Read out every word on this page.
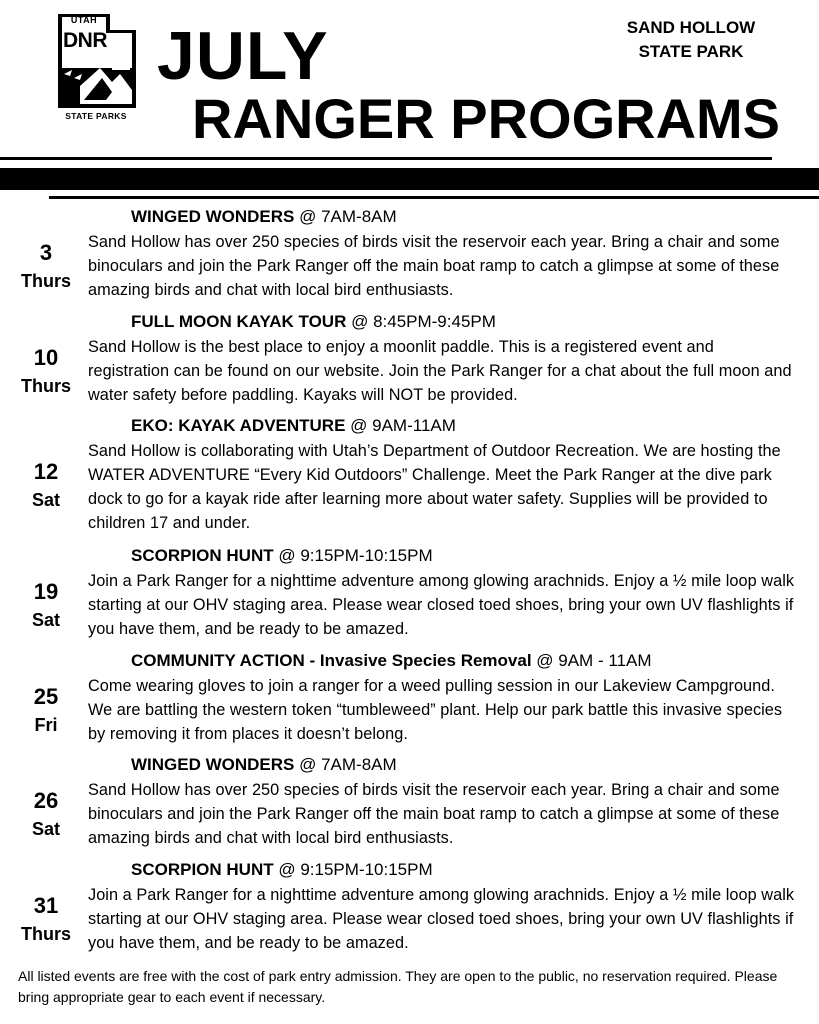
UTAH
DNR
STATE PARKS
JULY
RANGER PROGRAMS
SAND HOLLOW
STATE PARK
WINGED WONDERS @ 7AM-8AM
3
Thurs

Sand Hollow has over 250 species of birds visit the reservoir each year. Bring a chair and some binoculars and join the Park Ranger off the main boat ramp to catch a glimpse at some of these amazing birds and chat with local bird enthusiasts.

FULL MOON KAYAK TOUR @ 8:45PM-9:45PM
10
Thurs

Sand Hollow is the best place to enjoy a moonlit paddle. This is a registered event and registration can be found on our website. Join the Park Ranger for a chat about the full moon and water safety before paddling. Kayaks will NOT be provided.

EKO: KAYAK ADVENTURE @ 9AM-11AM
12
Sat

Sand Hollow is collaborating with Utah’s Department of Outdoor Recreation. We are hosting the WATER ADVENTURE “Every Kid Outdoors” Challenge. Meet the Park Ranger at the dive park dock to go for a kayak ride after learning more about water safety. Supplies will be provided to children 17 and under.

SCORPION HUNT @ 9:15PM-10:15PM
19
Sat

Join a Park Ranger for a nighttime adventure among glowing arachnids. Enjoy a ½ mile loop walk starting at our OHV staging area. Please wear closed toed shoes, bring your own UV flashlights if you have them, and be ready to be amazed.

COMMUNITY ACTION - Invasive Species Removal @ 9AM - 11AM
25
Fri

Come wearing gloves to join a ranger for a weed pulling session in our Lakeview Campground. We are battling the western token “tumbleweed” plant. Help our park battle this invasive species by removing it from places it doesn’t belong.

WINGED WONDERS @ 7AM-8AM
26
Sat

Sand Hollow has over 250 species of birds visit the reservoir each year. Bring a chair and some binoculars and join the Park Ranger off the main boat ramp to catch a glimpse at some of these amazing birds and chat with local bird enthusiasts.

SCORPION HUNT @ 9:15PM-10:15PM
31
Thurs

Join a Park Ranger for a nighttime adventure among glowing arachnids. Enjoy a ½ mile loop walk starting at our OHV staging area. Please wear closed toed shoes, bring your own UV flashlights if you have them, and be ready to be amazed.

All listed events are free with the cost of park entry admission. They are open to the public, no reservation required. Please bring appropriate gear to each event if necessary.
